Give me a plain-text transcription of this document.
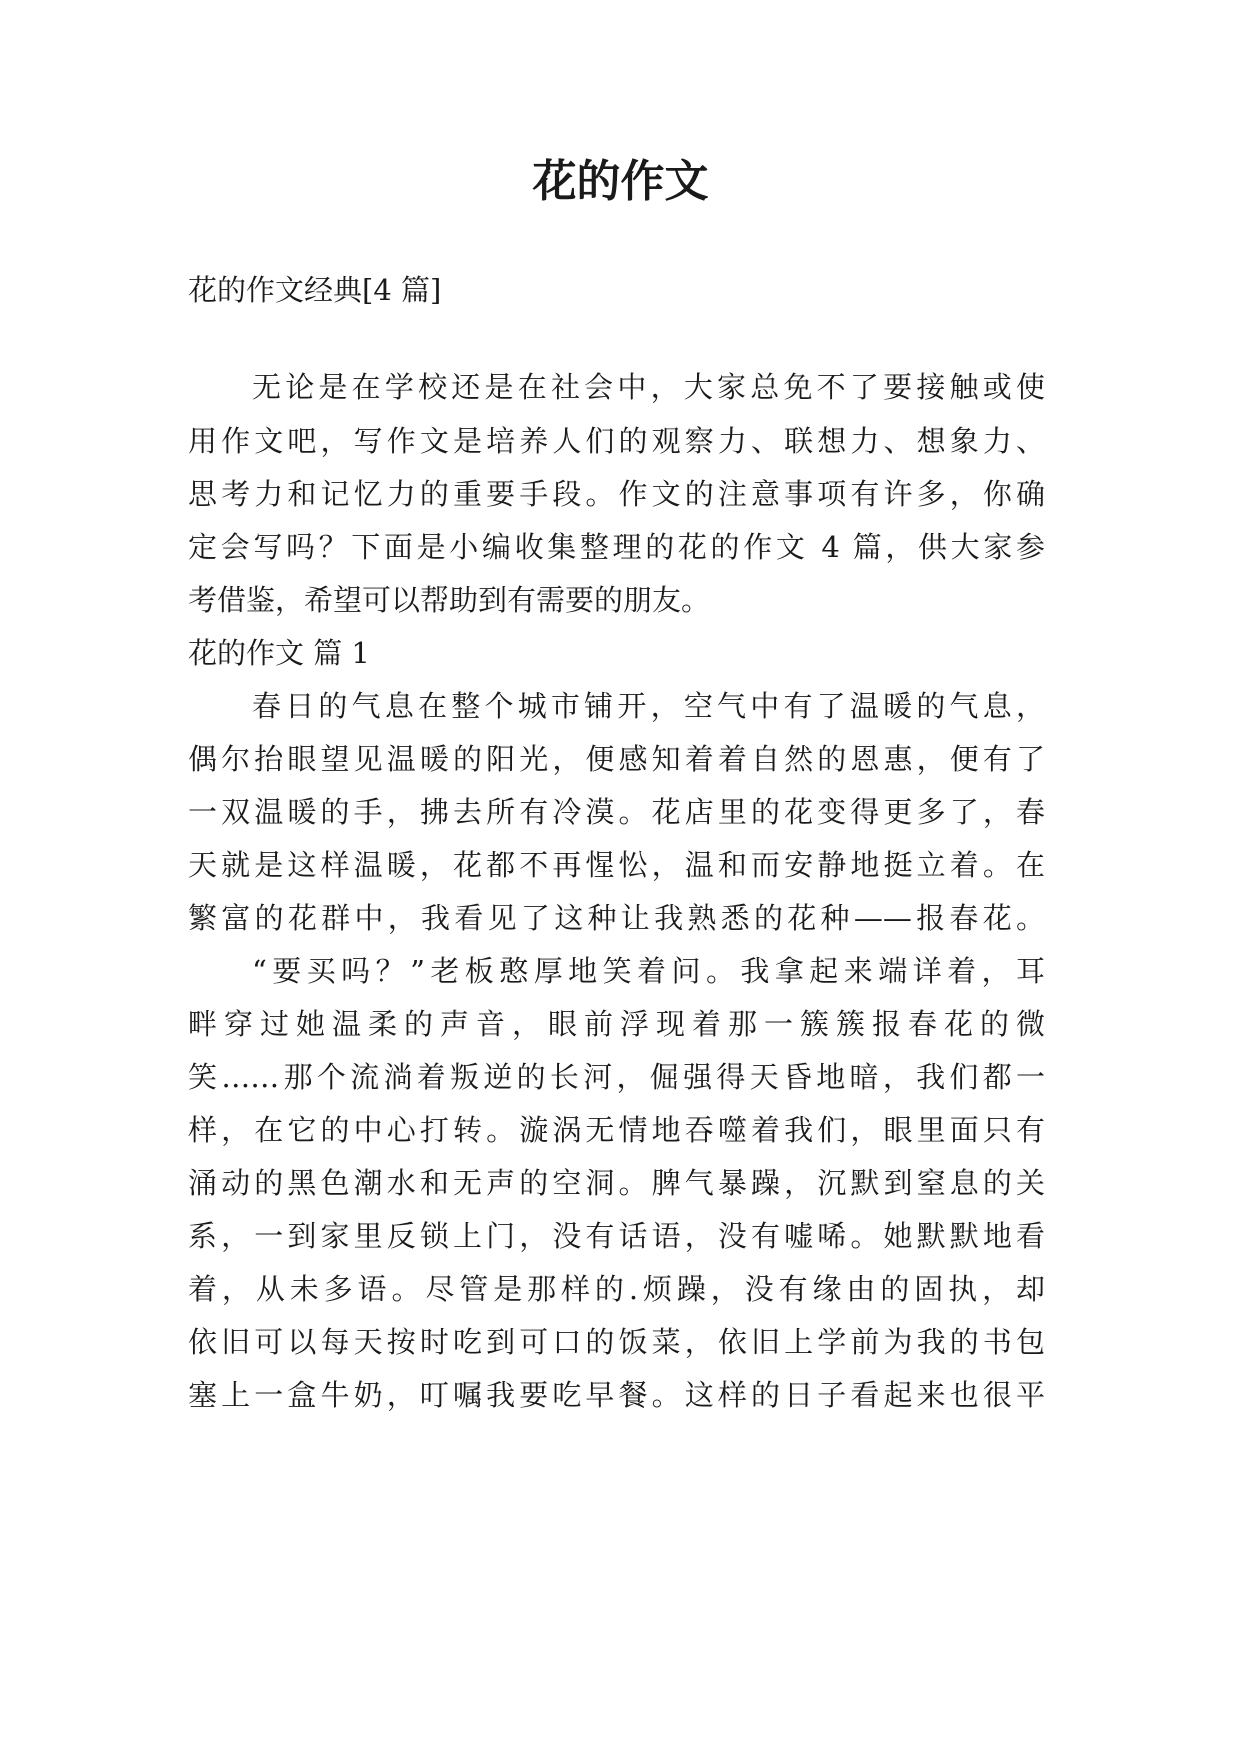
花的作文
花的作文经典[4 篇]
无论是在学校还是在社会中，大家总免不了要接触或使
用作文吧，写作文是培养人们的观察力、联想力、想象力、
思考力和记忆力的重要手段。作文的注意事项有许多，你确
定会写吗？下面是小编收集整理的花的作文 4 篇，供大家参
考借鉴，希望可以帮助到有需要的朋友。
花的作文 篇 1
春日的气息在整个城市铺开，空气中有了温暖的气息，
偶尔抬眼望见温暖的阳光，便感知着着自然的恩惠，便有了
一双温暖的手，拂去所有冷漠。花店里的花变得更多了，春
天就是这样温暖，花都不再惺忪，温和而安静地挺立着。在
繁富的花群中，我看见了这种让我熟悉的花种——报春花。
“要买吗？”老板憨厚地笑着问。我拿起来端详着，耳
畔穿过她温柔的声音，眼前浮现着那一簇簇报春花的微
笑……那个流淌着叛逆的长河，倔强得天昏地暗，我们都一
样，在它的中心打转。漩涡无情地吞噬着我们，眼里面只有
涌动的黑色潮水和无声的空洞。脾气暴躁，沉默到窒息的关
系，一到家里反锁上门，没有话语，没有嘘唏。她默默地看
着，从未多语。尽管是那样的.烦躁，没有缘由的固执，却
依旧可以每天按时吃到可口的饭菜，依旧上学前为我的书包
塞上一盒牛奶，叮嘱我要吃早餐。这样的日子看起来也很平
